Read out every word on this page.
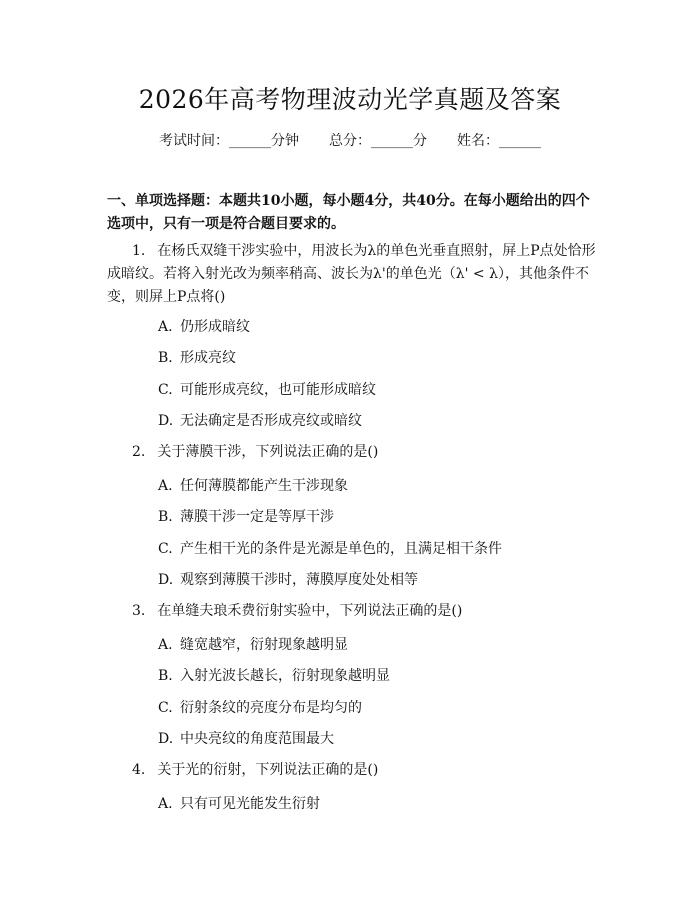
2026年高考物理波动光学真题及答案
考试时间：______分钟 总分：______分 姓名：______
一、单项选择题：本题共10小题，每小题4分，共40分。在每小题给出的四个选项中，只有一项是符合题目要求的。
1. 在杨氏双缝干涉实验中，用波长为λ的单色光垂直照射，屏上P点处恰形成暗纹。若将入射光改为频率稍高、波长为λ'的单色光（λ' < λ），其他条件不变，则屏上P点将()
A. 仍形成暗纹
B. 形成亮纹
C. 可能形成亮纹，也可能形成暗纹
D. 无法确定是否形成亮纹或暗纹
2. 关于薄膜干涉，下列说法正确的是()
A. 任何薄膜都能产生干涉现象
B. 薄膜干涉一定是等厚干涉
C. 产生相干光的条件是光源是单色的，且满足相干条件
D. 观察到薄膜干涉时，薄膜厚度处处相等
3. 在单缝夫琅禾费衍射实验中，下列说法正确的是()
A. 缝宽越窄，衍射现象越明显
B. 入射光波长越长，衍射现象越明显
C. 衍射条纹的亮度分布是均匀的
D. 中央亮纹的角度范围最大
4. 关于光的衍射，下列说法正确的是()
A. 只有可见光能发生衍射
